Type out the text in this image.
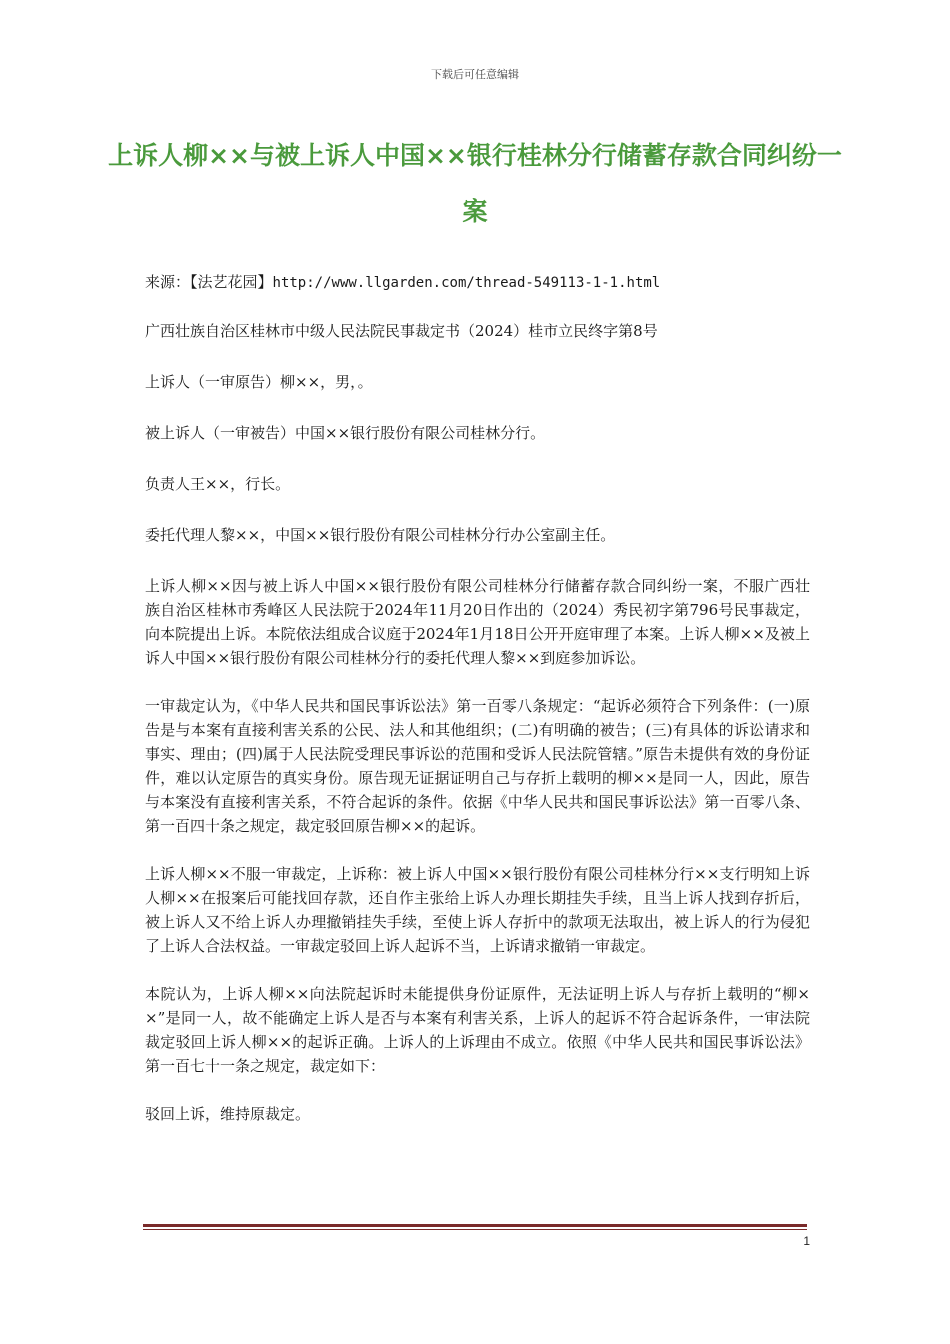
下载后可任意编辑
上诉人柳××与被上诉人中国××银行桂林分行储蓄存款合同纠纷一案

来源：【法艺花园】http://www.llgarden.com/thread-549113-1-1.html

广西壮族自治区桂林市中级人民法院民事裁定书（2024）桂市立民终字第8号

上诉人（一审原告）柳××，男，。

被上诉人（一审被告）中国××银行股份有限公司桂林分行。

负责人王××，行长。

委托代理人黎××，中国××银行股份有限公司桂林分行办公室副主任。

上诉人柳××因与被上诉人中国××银行股份有限公司桂林分行储蓄存款合同纠纷一案，不服广西壮族自治区桂林市秀峰区人民法院于2024年11月20日作出的（2024）秀民初字第796号民事裁定，向本院提出上诉。本院依法组成合议庭于2024年1月18日公开开庭审理了本案。上诉人柳××及被上诉人中国××银行股份有限公司桂林分行的委托代理人黎××到庭参加诉讼。

一审裁定认为，《中华人民共和国民事诉讼法》第一百零八条规定：“起诉必须符合下列条件：(一)原告是与本案有直接利害关系的公民、法人和其他组织；(二)有明确的被告；(三)有具体的诉讼请求和事实、理由；(四)属于人民法院受理民事诉讼的范围和受诉人民法院管辖。”原告未提供有效的身份证件，难以认定原告的真实身份。原告现无证据证明自己与存折上载明的柳××是同一人，因此，原告与本案没有直接利害关系，不符合起诉的条件。依据《中华人民共和国民事诉讼法》第一百零八条、第一百四十条之规定，裁定驳回原告柳××的起诉。

上诉人柳××不服一审裁定，上诉称：被上诉人中国××银行股份有限公司桂林分行××支行明知上诉人柳××在报案后可能找回存款，还自作主张给上诉人办理长期挂失手续，且当上诉人找到存折后，被上诉人又不给上诉人办理撤销挂失手续，至使上诉人存折中的款项无法取出，被上诉人的行为侵犯了上诉人合法权益。一审裁定驳回上诉人起诉不当，上诉请求撤销一审裁定。

本院认为，上诉人柳××向法院起诉时未能提供身份证原件，无法证明上诉人与存折上载明的“柳××”是同一人，故不能确定上诉人是否与本案有利害关系，上诉人的起诉不符合起诉条件，一审法院裁定驳回上诉人柳××的起诉正确。上诉人的上诉理由不成立。依照《中华人民共和国民事诉讼法》第一百七十一条之规定，裁定如下：

驳回上诉，维持原裁定。

1
